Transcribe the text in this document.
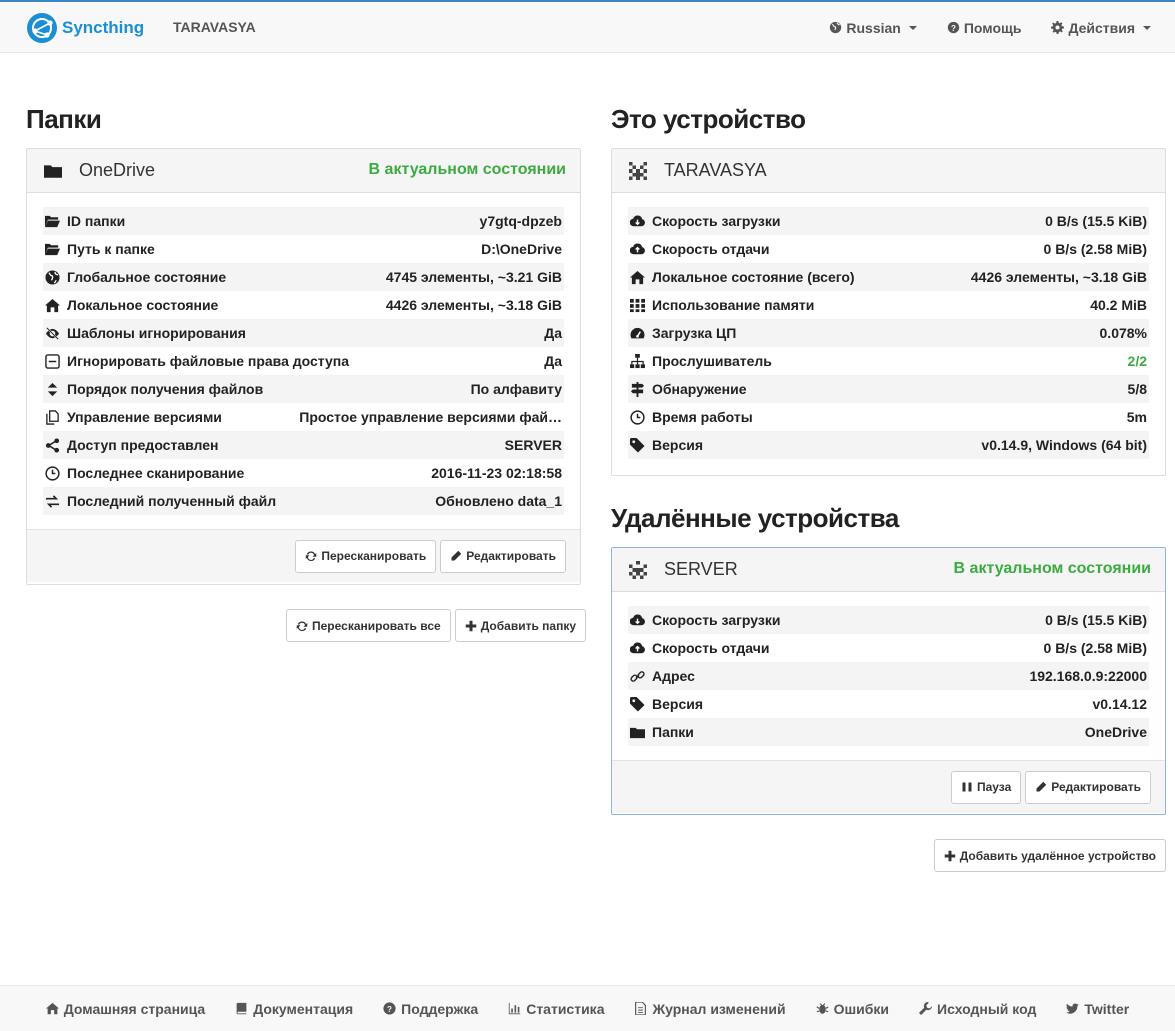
Syncthing TARAVASYA	Russian	? Помощь	Действия
Папки
OneDrive	В актуальном состоянии
ID папки	y7gtq-dpzeb
Путь к папке	D:\OneDrive
Глобальное состояние	4745 элементы, ~3.21 GiB
Локальное состояние	4426 элементы, ~3.18 GiB
Шаблоны игнорирования	Да
Игнорировать файловые права доступа	Да
Порядок получения файлов	По алфавиту
Управление версиями	Простое управление версиями фай…
Доступ предоставлен	SERVER
Последнее сканирование	2016-11-23 02:18:58
Последний полученный файл	Обновлено data_1
Пересканировать	Редактировать
Пересканировать все	Добавить папку
Это устройство
TARAVASYA
Скорость загрузки	0 B/s (15.5 KiB)
Скорость отдачи	0 B/s (2.58 MiB)
Локальное состояние (всего)	4426 элементы, ~3.18 GiB
Использование памяти	40.2 MiB
Загрузка ЦП	0.078%
Прослушиватель	2/2
Обнаружение	5/8
Время работы	5m
Версия	v0.14.9, Windows (64 bit)
Удалённые устройства
SERVER	В актуальном состоянии
Скорость загрузки	0 B/s (15.5 KiB)
Скорость отдачи	0 B/s (2.58 MiB)
Адрес	192.168.0.9:22000
Версия	v0.14.12
Папки	OneDrive
Пауза	Редактировать
Добавить удалённое устройство
Домашняя страница	Документация	? Поддержка	Статистика	Журнал изменений	Ошибки	Исходный код	Twitter
